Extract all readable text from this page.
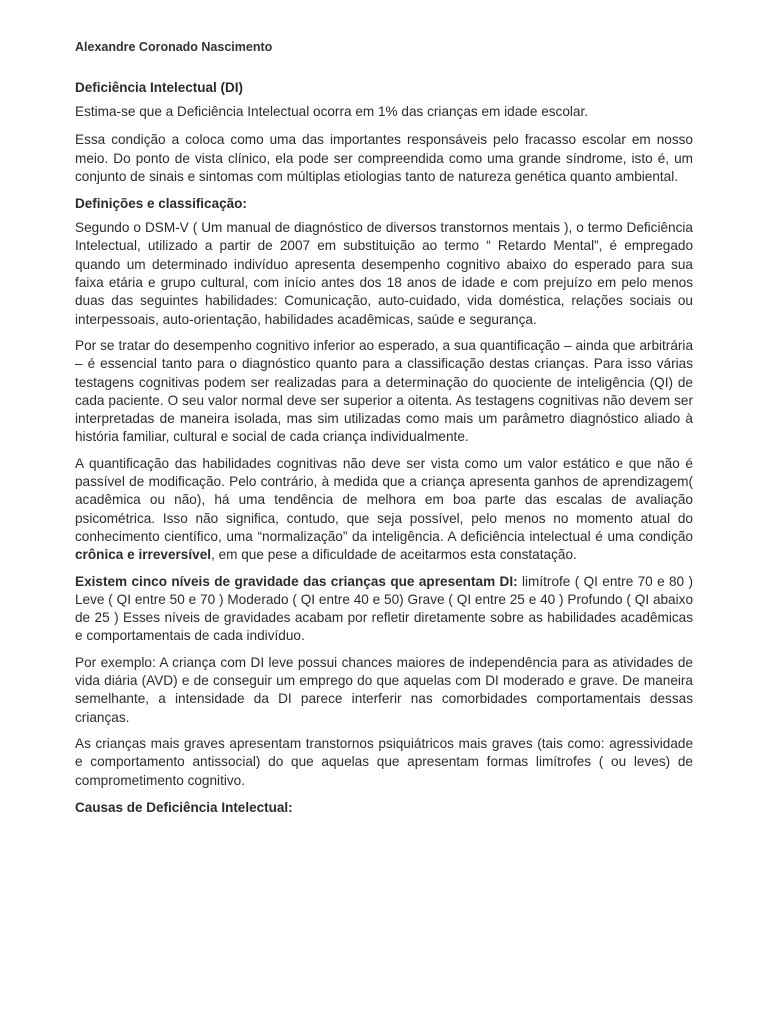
Alexandre Coronado Nascimento
Deficiência Intelectual (DI)

Estima-se que a Deficiência Intelectual ocorra em 1% das crianças em idade escolar.

Essa condição a coloca como uma das importantes responsáveis pelo fracasso escolar em nosso meio. Do ponto de vista clínico, ela pode ser compreendida como uma grande síndrome, isto é, um conjunto de sinais e sintomas com múltiplas etiologias tanto de natureza genética quanto ambiental.

Definições e classificação:

Segundo o DSM-V ( Um manual de diagnóstico de diversos transtornos mentais ), o termo Deficiência Intelectual, utilizado a partir de 2007 em substituição ao termo “ Retardo Mental”, é empregado quando um determinado indivíduo apresenta desempenho cognitivo abaixo do esperado para sua faixa etária e grupo cultural, com início antes dos 18 anos de idade e com prejuízo em pelo menos duas das seguintes habilidades: Comunicação, auto-cuidado, vida doméstica, relações sociais ou interpessoais, auto-orientação, habilidades acadêmicas, saúde e segurança.

Por se tratar do desempenho cognitivo inferior ao esperado, a sua quantificação – ainda que arbitrária – é essencial tanto para o diagnóstico quanto para a classificação destas crianças. Para isso várias testagens cognitivas podem ser realizadas para a determinação do quociente de inteligência (QI) de cada paciente. O seu valor normal deve ser superior a oitenta. As testagens cognitivas não devem ser interpretadas de maneira isolada, mas sim utilizadas como mais um parâmetro diagnóstico aliado à história familiar, cultural e social de cada criança individualmente.

A quantificação das habilidades cognitivas não deve ser vista como um valor estático e que não é passível de modificação. Pelo contrário, à medida que a criança apresenta ganhos de aprendizagem( acadêmica ou não), há uma tendência de melhora em boa parte das escalas de avaliação psicométrica. Isso não significa, contudo, que seja possível, pelo menos no momento atual do conhecimento científico, uma “normalização” da inteligência. A deficiência intelectual é uma condição crônica e irreversível, em que pese a dificuldade de aceitarmos esta constatação.

Existem cinco níveis de gravidade das crianças que apresentam DI: limítrofe ( QI entre 70 e 80 ) Leve ( QI entre 50 e 70 ) Moderado ( QI entre 40 e 50) Grave ( QI entre 25 e 40 ) Profundo ( QI abaixo de 25 ) Esses níveis de gravidades acabam por refletir diretamente sobre as habilidades acadêmicas e comportamentais de cada indivíduo.

Por exemplo: A criança com DI leve possui chances maiores de independência para as atividades de vida diária (AVD) e de conseguir um emprego do que aquelas com DI moderado e grave. De maneira semelhante, a intensidade da DI parece interferir nas comorbidades comportamentais dessas crianças.

As crianças mais graves apresentam transtornos psiquiátricos mais graves (tais como: agressividade e comportamento antissocial) do que aquelas que apresentam formas limítrofes ( ou leves) de comprometimento cognitivo.

Causas de Deficiência Intelectual:
